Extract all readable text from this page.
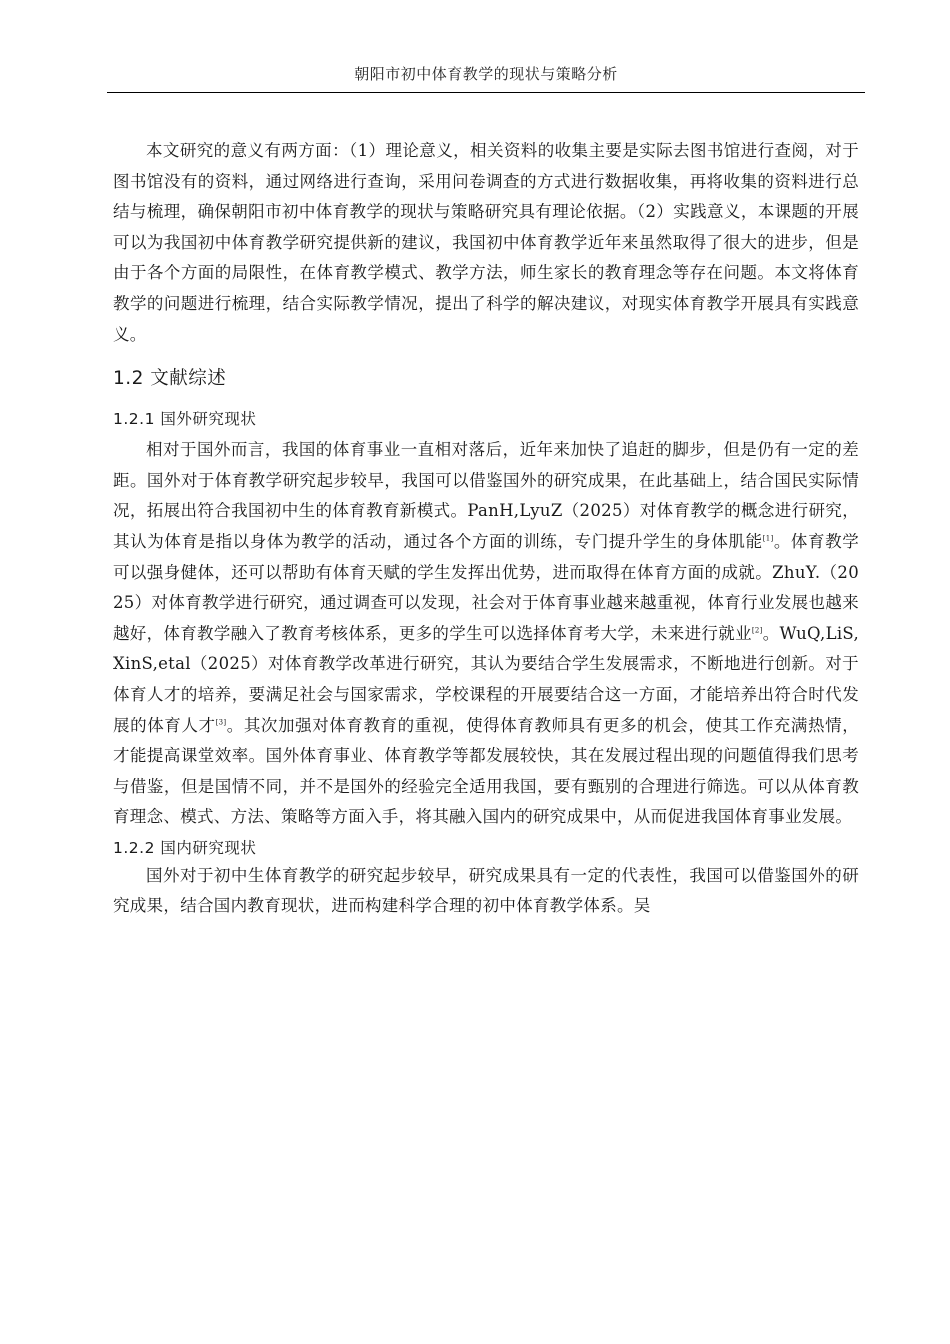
朝阳市初中体育教学的现状与策略分析

本文研究的意义有两方面：（1）理论意义，相关资料的收集主要是实际去图书馆进行查阅，对于图书馆没有的资料，通过网络进行查询，采用问卷调查的方式进行数据收集，再将收集的资料进行总结与梳理，确保朝阳市初中体育教学的现状与策略研究具有理论依据。（2）实践意义，本课题的开展可以为我国初中体育教学研究提供新的建议，我国初中体育教学近年来虽然取得了很大的进步，但是由于各个方面的局限性，在体育教学模式、教学方法，师生家长的教育理念等存在问题。本文将体育教学的问题进行梳理，结合实际教学情况，提出了科学的解决建议，对现实体育教学开展具有实践意义。

1.2 文献综述
1.2.1 国外研究现状

相对于国外而言，我国的体育事业一直相对落后，近年来加快了追赶的脚步，但是仍有一定的差距。国外对于体育教学研究起步较早，我国可以借鉴国外的研究成果，在此基础上，结合国民实际情况，拓展出符合我国初中生的体育教育新模式。PanH,LyuZ（2025）对体育教学的概念进行研究，其认为体育是指以身体为教学的活动，通过各个方面的训练，专门提升学生的身体肌能[1]。体育教学可以强身健体，还可以帮助有体育天赋的学生发挥出优势，进而取得在体育方面的成就。ZhuY.（2025）对体育教学进行研究，通过调查可以发现，社会对于体育事业越来越重视，体育行业发展也越来越好，体育教学融入了教育考核体系，更多的学生可以选择体育考大学，未来进行就业[2]。WuQ,LiS,XinS,etal（2025）对体育教学改革进行研究，其认为要结合学生发展需求，不断地进行创新。对于体育人才的培养，要满足社会与国家需求，学校课程的开展要结合这一方面，才能培养出符合时代发展的体育人才[3]。其次加强对体育教育的重视，使得体育教师具有更多的机会，使其工作充满热情，才能提高课堂效率。国外体育事业、体育教学等都发展较快，其在发展过程出现的问题值得我们思考与借鉴，但是国情不同，并不是国外的经验完全适用我国，要有甄别的合理进行筛选。可以从体育教育理念、模式、方法、策略等方面入手，将其融入国内的研究成果中，从而促进我国体育事业发展。

1.2.2 国内研究现状

国外对于初中生体育教学的研究起步较早，研究成果具有一定的代表性，我国可以借鉴国外的研究成果，结合国内教育现状，进而构建科学合理的初中体育教学体系。吴
